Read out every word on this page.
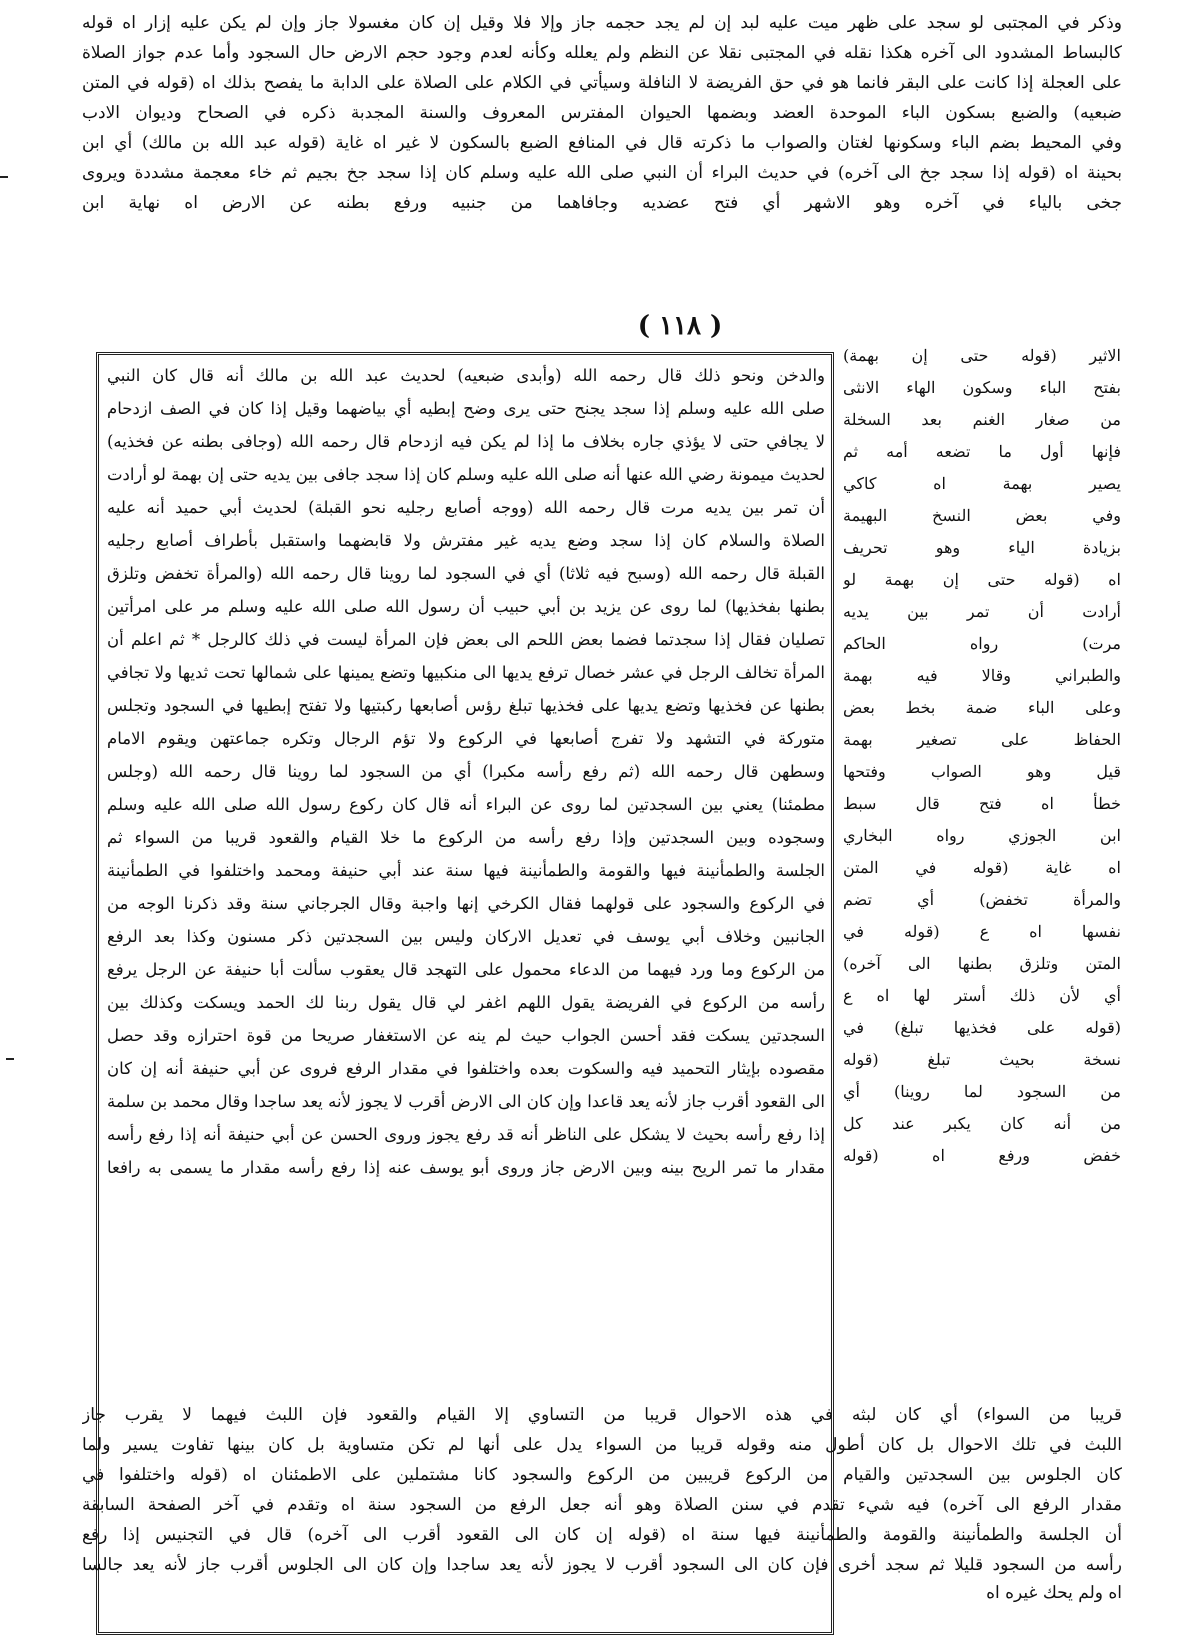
وذكر في المجتبى لو سجد على ظهر ميت عليه لبد إن لم يجد حجمه جاز وإلا فلا وقيل إن كان مغسولا جاز وإن لم يكن عليه إزار اه قوله
كالبساط المشدود الى آخره هكذا نقله في المجتبى نقلا عن النظم ولم يعلله وكأنه لعدم وجود حجم الارض حال السجود وأما عدم جواز الصلاة
على العجلة إذا كانت على البقر فانما هو في حق الفريضة لا النافلة وسيأتي في الكلام على الصلاة على الدابة ما يفصح بذلك اه (قوله في المتن
ضبعيه) والضبع بسكون الباء الموحدة العضد وبضمها الحيوان المفترس المعروف والسنة المجدبة ذكره في الصحاح وديوان الادب
وفي المحيط بضم الباء وسكونها لغتان والصواب ما ذكرته قال في المنافع الضبع بالسكون لا غير اه غاية (قوله عبد الله بن مالك) أي ابن
بحينة اه (قوله إذا سجد جخ الى آخره) في حديث البراء أن النبي صلى الله عليه وسلم كان إذا سجد جخ بجيم ثم خاء معجمة مشددة ويروى
جخى بالياء في آخره وهو الاشهر أي فتح عضديه وجافاهما من جنبيه ورفع بطنه عن الارض اه نهاية ابن
( ١١٨ )
والدخن ونحو ذلك قال رحمه الله (وأبدى ضبعيه) لحديث عبد الله بن مالك أنه قال كان النبي
صلى الله عليه وسلم إذا سجد يجنح حتى يرى وضح إبطيه أي بياضهما وقيل إذا كان في الصف ازدحام
لا يجافي حتى لا يؤذي جاره بخلاف ما إذا لم يكن فيه ازدحام قال رحمه الله (وجافى بطنه عن فخذيه)
لحديث ميمونة رضي الله عنها أنه صلى الله عليه وسلم كان إذا سجد جافى بين يديه حتى إن بهمة لو أرادت
أن تمر بين يديه مرت قال رحمه الله (ووجه أصابع رجليه نحو القبلة) لحديث أبي حميد أنه عليه
الصلاة والسلام كان إذا سجد وضع يديه غير مفترش ولا قابضهما واستقبل بأطراف أصابع رجليه
القبلة قال رحمه الله (وسبح فيه ثلاثا) أي في السجود لما روينا قال رحمه الله (والمرأة تخفض وتلزق
بطنها بفخذيها) لما روى عن يزيد بن أبي حبيب أن رسول الله صلى الله عليه وسلم مر على امرأتين
تصليان فقال إذا سجدتما فضما بعض اللحم الى بعض فإن المرأة ليست في ذلك كالرجل * ثم اعلم أن
المرأة تخالف الرجل في عشر خصال ترفع يديها الى منكبيها وتضع يمينها على شمالها تحت ثديها ولا تجافي
بطنها عن فخذيها وتضع يديها على فخذيها تبلغ رؤس أصابعها ركبتيها ولا تفتح إبطيها في السجود وتجلس
متوركة في التشهد ولا تفرج أصابعها في الركوع ولا تؤم الرجال وتكره جماعتهن ويقوم الامام
وسطهن قال رحمه الله (ثم رفع رأسه مكبرا) أي من السجود لما روينا قال رحمه الله (وجلس
مطمئنا) يعني بين السجدتين لما روى عن البراء أنه قال كان ركوع رسول الله صلى الله عليه وسلم
وسجوده وبين السجدتين وإذا رفع رأسه من الركوع ما خلا القيام والقعود قريبا من السواء ثم
الجلسة والطمأنينة فيها والقومة والطمأنينة فيها سنة عند أبي حنيفة ومحمد واختلفوا في الطمأنينة
في الركوع والسجود على قولهما فقال الكرخي إنها واجبة وقال الجرجاني سنة وقد ذكرنا الوجه من
الجانبين وخلاف أبي يوسف في تعديل الاركان وليس بين السجدتين ذكر مسنون وكذا بعد الرفع
من الركوع وما ورد فيهما من الدعاء محمول على التهجد قال يعقوب سألت أبا حنيفة عن الرجل يرفع
رأسه من الركوع في الفريضة يقول اللهم اغفر لي قال يقول ربنا لك الحمد ويسكت وكذلك بين
السجدتين يسكت فقد أحسن الجواب حيث لم ينه عن الاستغفار صريحا من قوة احترازه وقد حصل
مقصوده بإيثار التحميد فيه والسكوت بعده واختلفوا في مقدار الرفع فروى عن أبي حنيفة أنه إن كان
الى القعود أقرب جاز لأنه يعد قاعدا وإن كان الى الارض أقرب لا يجوز لأنه يعد ساجدا وقال محمد بن سلمة
إذا رفع رأسه بحيث لا يشكل على الناظر أنه قد رفع يجوز وروى الحسن عن أبي حنيفة أنه إذا رفع رأسه
مقدار ما تمر الريح بينه وبين الارض جاز وروى أبو يوسف عنه إذا رفع رأسه مقدار ما يسمى به رافعا
الاثير (قوله حتى إن بهمة)
بفتح الباء وسكون الهاء الانثى
من صغار الغنم بعد السخلة
فإنها أول ما تضعه أمه ثم
يصير بهمة اه كاكي
وفي بعض النسخ البهيمة
بزيادة الياء وهو تحريف
اه (قوله حتى إن بهمة لو
أرادت أن تمر بين يديه
مرت) رواه الحاكم
والطبراني وقالا فيه بهمة
وعلى الباء ضمة بخط بعض
الحفاظ على تصغير بهمة
قيل وهو الصواب وفتحها
خطأ اه فتح قال سبط
ابن الجوزي رواه البخاري
اه غاية (قوله في المتن
والمرأة تخفض) أي تضم
نفسها اه ع (قوله في
المتن وتلزق بطنها الى آخره)
أي لأن ذلك أستر لها اه ع
(قوله على فخذيها تبلغ) في
نسخة بحيث تبلغ (قوله
من السجود لما روينا) أي
من أنه كان يكبر عند كل
خفض ورفع اه (قوله
قريبا من السواء) أي كان لبثه في هذه الاحوال قريبا من التساوي إلا القيام والقعود فإن اللبث فيهما لا يقرب جاز
اللبث في تلك الاحوال بل كان أطول منه وقوله قريبا من السواء يدل على أنها لم تكن متساوية بل كان بينها تفاوت يسير ولما
كان الجلوس بين السجدتين والقيام من الركوع قريبين من الركوع والسجود كانا مشتملين على الاطمئنان اه (قوله واختلفوا في
مقدار الرفع الى آخره) فيه شيء تقدم في سنن الصلاة وهو أنه جعل الرفع من السجود سنة اه وتقدم في آخر الصفحة السابقة
أن الجلسة والطمأنينة والقومة والطمأنينة فيها سنة اه (قوله إن كان الى القعود أقرب الى آخره) قال في التجنيس إذا رفع
رأسه من السجود قليلا ثم سجد أخرى فإن كان الى السجود أقرب لا يجوز لأنه يعد ساجدا وإن كان الى الجلوس أقرب جاز لأنه يعد جالسا
اه ولم يحك غيره اه
